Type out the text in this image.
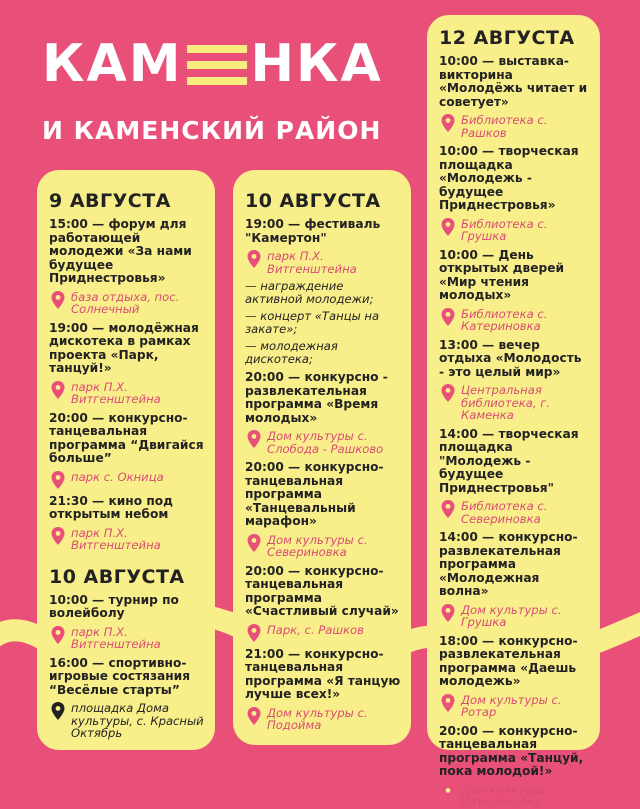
КАМ НКА
И КАМЕНСКИЙ РАЙОН
9 АВГУСТА
15:00 — форум для работающей молодежи «За нами будущее Приднестровья»
база отдыха, пос. Солнечный
19:00 — молодёжная дискотека в рамках проекта «Парк, танцуй!»
парк П.Х. Витгенштейна
20:00 — конкурсно-танцевальная программа “Двигайся больше”
парк с. Окница
21:30 — кино под открытым небом
парк П.Х. Витгенштейна
10 АВГУСТА
10:00 — турнир по волейболу
парк П.Х. Витгенштейна
16:00 — спортивно-игровые состязания “Весёлые старты”
площадка Дома культуры, с. Красный Октябрь
10 АВГУСТА
19:00 — фестиваль "Камертон"
парк П.Х. Витгенштейна
— награждение активной молодежи;
— концерт «Танцы на закате»;
— молодежная дискотека;
20:00 — конкурсно - развлекательная программа «Время молодых»
Дом культуры с. Слобода - Рашково
20:00 — конкурсно-танцевальная программа «Танцевальный марафон»
Дом культуры с. Севериновка
20:00 — конкурсно-танцевальная программа «Счастливый случай»
Парк, с. Рашков
21:00 — конкурсно-танцевальная программа «Я танцую лучше всех!»
Дом культуры с. Подойма
12 АВГУСТА
10:00 — выставка-викторина «Молодёжь читает и советует»
Библиотека с. Рашков
10:00 — творческая площадка «Молодежь - будущее Приднестровья»
Библиотека с. Грушка
10:00 — День открытых дверей «Мир чтения молодых»
Библиотека с. Катериновка
13:00 — вечер отдыха «Молодость - это целый мир»
Центральная библиотека, г. Каменка
14:00 — творческая площадка "Молодежь - будущее Приднестровья"
Библиотека с. Севериновка
14:00 — конкурсно-развлекательная программа «Молодежная волна»
Дом культуры с. Грушка
18:00 — конкурсно-развлекательная программа «Даешь молодежь»
Дом культуры с. Ротар
20:00 — конкурсно-танцевальная программа «Танцуй, пока молодой!»
Дом культуры, с. Катериновка
